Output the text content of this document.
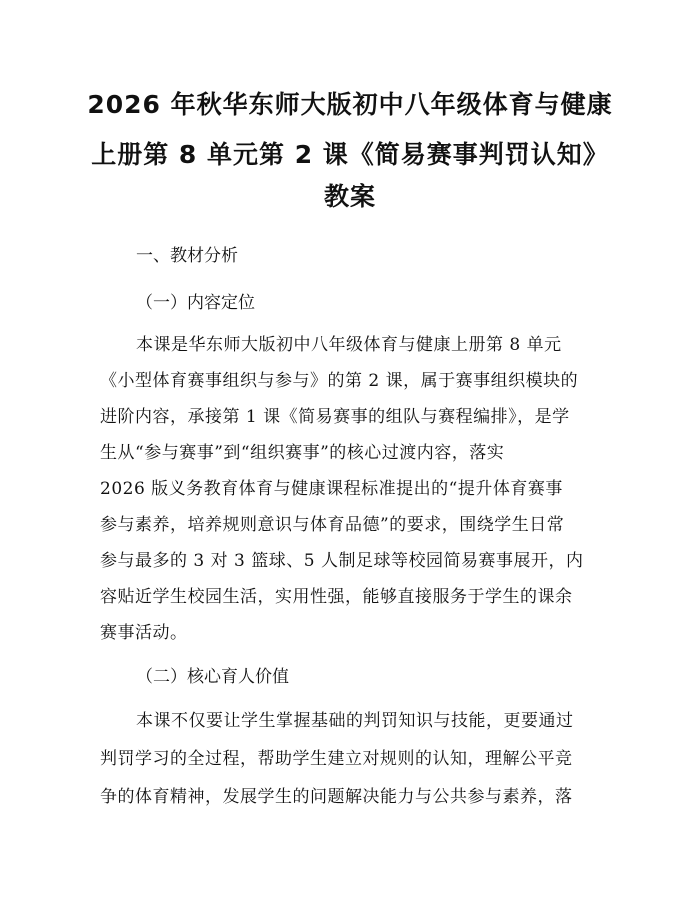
2026 年秋华东师大版初中八年级体育与健康
上册第 8 单元第 2 课《简易赛事判罚认知》
教案
一、教材分析
（一）内容定位
本课是华东师大版初中八年级体育与健康上册第 8 单元
《小型体育赛事组织与参与》的第 2 课，属于赛事组织模块的
进阶内容，承接第 1 课《简易赛事的组队与赛程编排》，是学
生从“参与赛事”到“组织赛事”的核心过渡内容，落实
2026 版义务教育体育与健康课程标准提出的“提升体育赛事
参与素养，培养规则意识与体育品德”的要求，围绕学生日常
参与最多的 3 对 3 篮球、5 人制足球等校园简易赛事展开，内
容贴近学生校园生活，实用性强，能够直接服务于学生的课余
赛事活动。
（二）核心育人价值
本课不仅要让学生掌握基础的判罚知识与技能，更要通过
判罚学习的全过程，帮助学生建立对规则的认知，理解公平竞
争的体育精神，发展学生的问题解决能力与公共参与素养，落
